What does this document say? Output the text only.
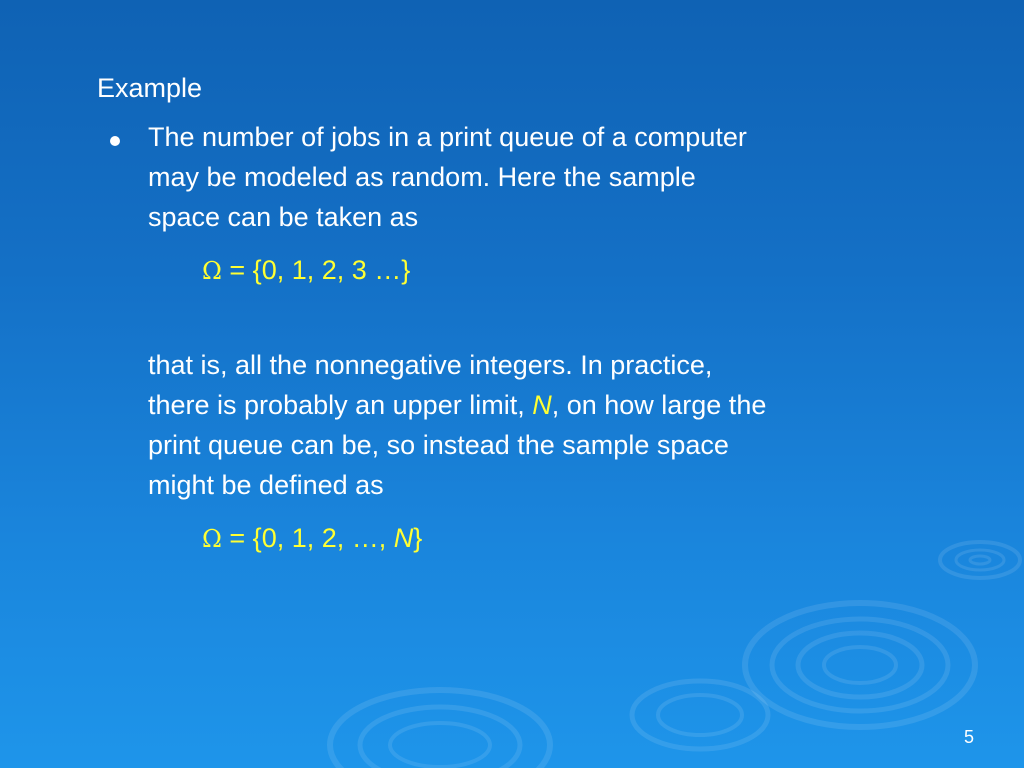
Example
The number of jobs in a print queue of a computer
may be modeled as random. Here the sample
space can be taken as
Ω = {0, 1, 2, 3 …}
that is, all the nonnegative integers. In practice,
there is probably an upper limit, N, on how large the
print queue can be, so instead the sample space
might be defined as
Ω = {0, 1, 2, …, N}
5
